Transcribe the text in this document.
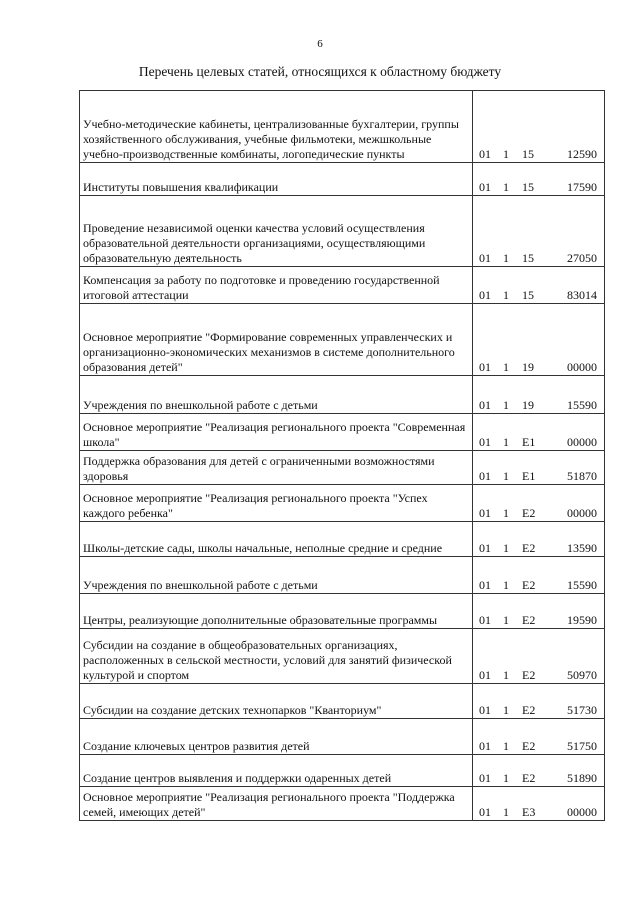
6
Перечень целевых статей, относящихся к областному бюджету
Учебно-методические кабинеты, централизованные бухгалтерии, группы хозяйственного обслуживания, учебные фильмотеки, межшкольные учебно-производственные комбинаты, логопедические пункты	01 1 15 12590

Институты повышения квалификации	01 1 15 17590

Проведение независимой оценки качества условий осуществления образовательной деятельности организациями, осуществляющими образовательную деятельность	01 1 15 27050

Компенсация за работу по подготовке и проведению государственной итоговой аттестации	01 1 15 83014

Основное мероприятие "Формирование современных управленческих и организационно-экономических механизмов в системе дополнительного образования детей"	01 1 19 00000

Учреждения по внешкольной работе с детьми	01 1 19 15590

Основное мероприятие "Реализация регионального проекта "Современная школа"	01 1 E1 00000

Поддержка образования для детей с ограниченными возможностями здоровья	01 1 E1 51870

Основное мероприятие "Реализация регионального проекта "Успех каждого ребенка"	01 1 E2 00000

Школы-детские сады, школы начальные, неполные средние и средние	01 1 E2 13590

Учреждения по внешкольной работе с детьми	01 1 E2 15590

Центры, реализующие дополнительные образовательные программы	01 1 E2 19590

Субсидии на создание в общеобразовательных организациях, расположенных в сельской местности, условий для занятий физической культурой и спортом	01 1 E2 50970

Субсидии на создание детских технопарков "Кванториум"	01 1 E2 51730

Создание ключевых центров развития детей	01 1 E2 51750

Создание центров выявления и поддержки одаренных детей	01 1 E2 51890

Основное мероприятие "Реализация регионального проекта "Поддержка семей, имеющих детей"	01 1 E3 00000
